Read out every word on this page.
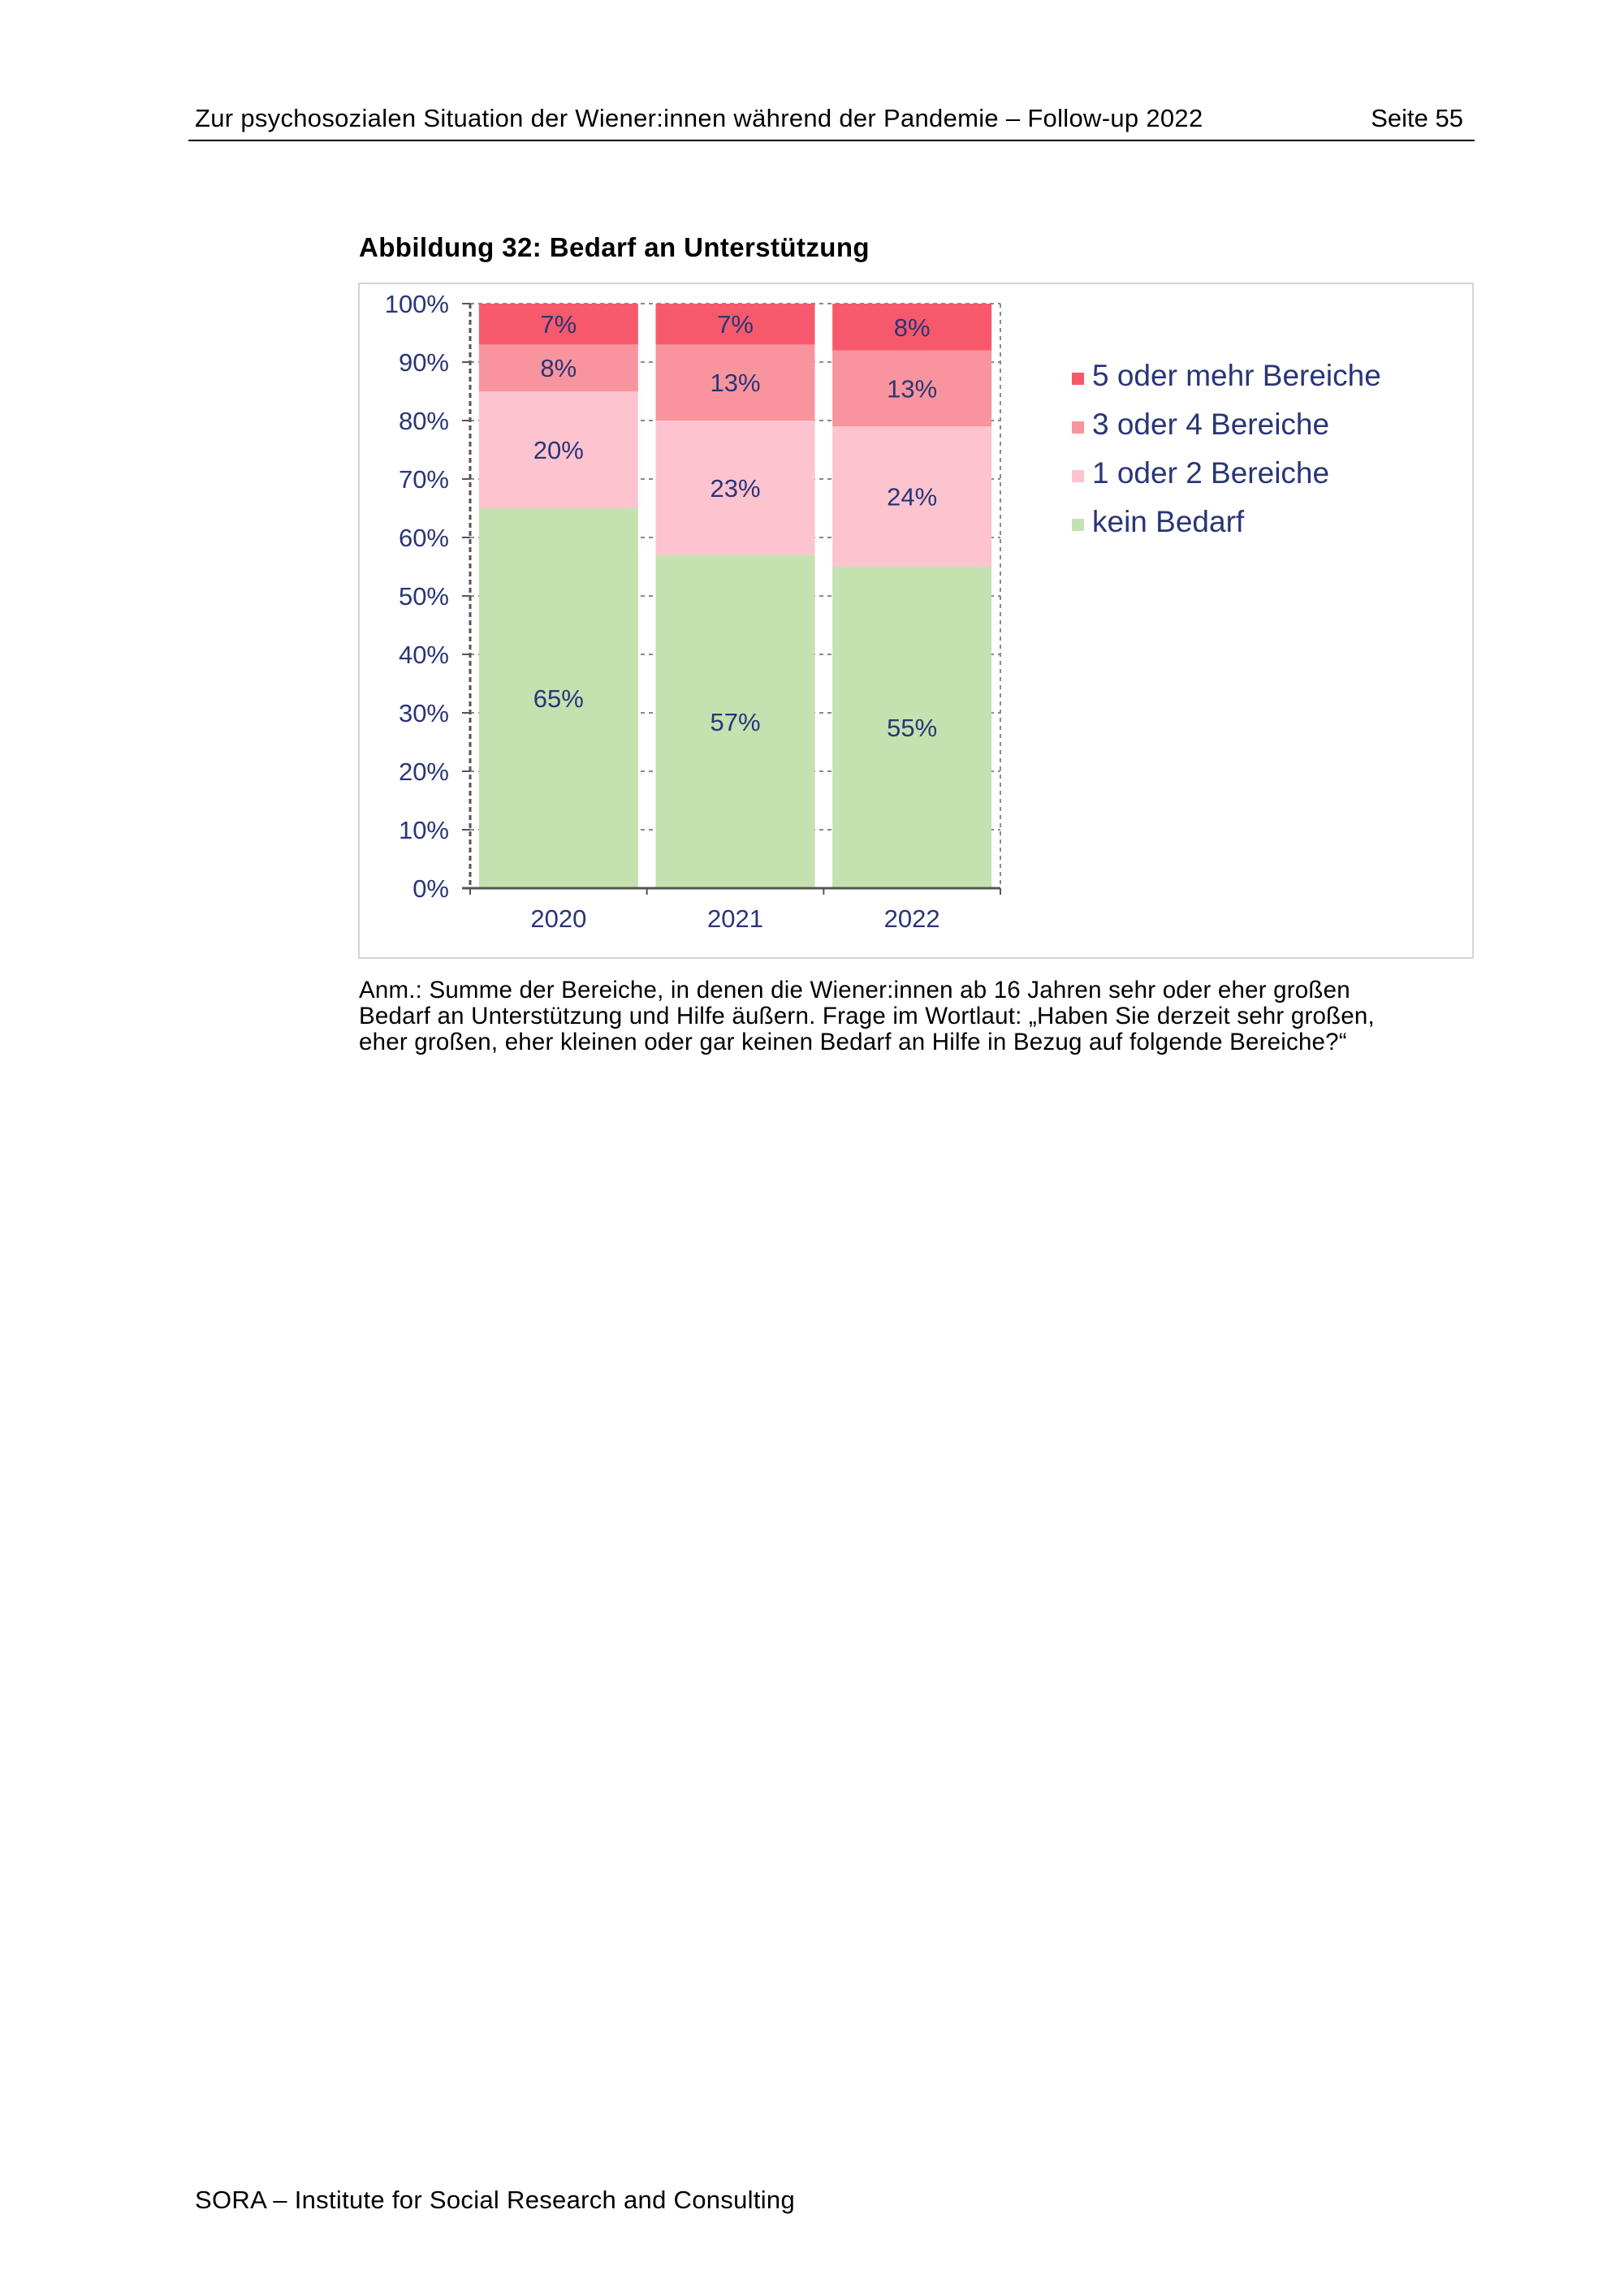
Zur psychosozialen Situation der Wiener:innen während der Pandemie – Follow-up 2022	Seite 55
Abbildung 32: Bedarf an Unterstützung
65%
20%
8%
7%
2020
57%
23%
13%
7%
2021
55%
24%
13%
8%
2022
0%
10%
20%
30%
40%
50%
60%
70%
80%
90%
100%
5 oder mehr Bereiche
3 oder 4 Bereiche
1 oder 2 Bereiche
kein Bedarf
Anm.: Summe der Bereiche, in denen die Wiener:innen ab 16 Jahren sehr oder eher großen
Bedarf an Unterstützung und Hilfe äußern. Frage im Wortlaut: „Haben Sie derzeit sehr großen,
eher großen, eher kleinen oder gar keinen Bedarf an Hilfe in Bezug auf folgende Bereiche?“
SORA – Institute for Social Research and Consulting
